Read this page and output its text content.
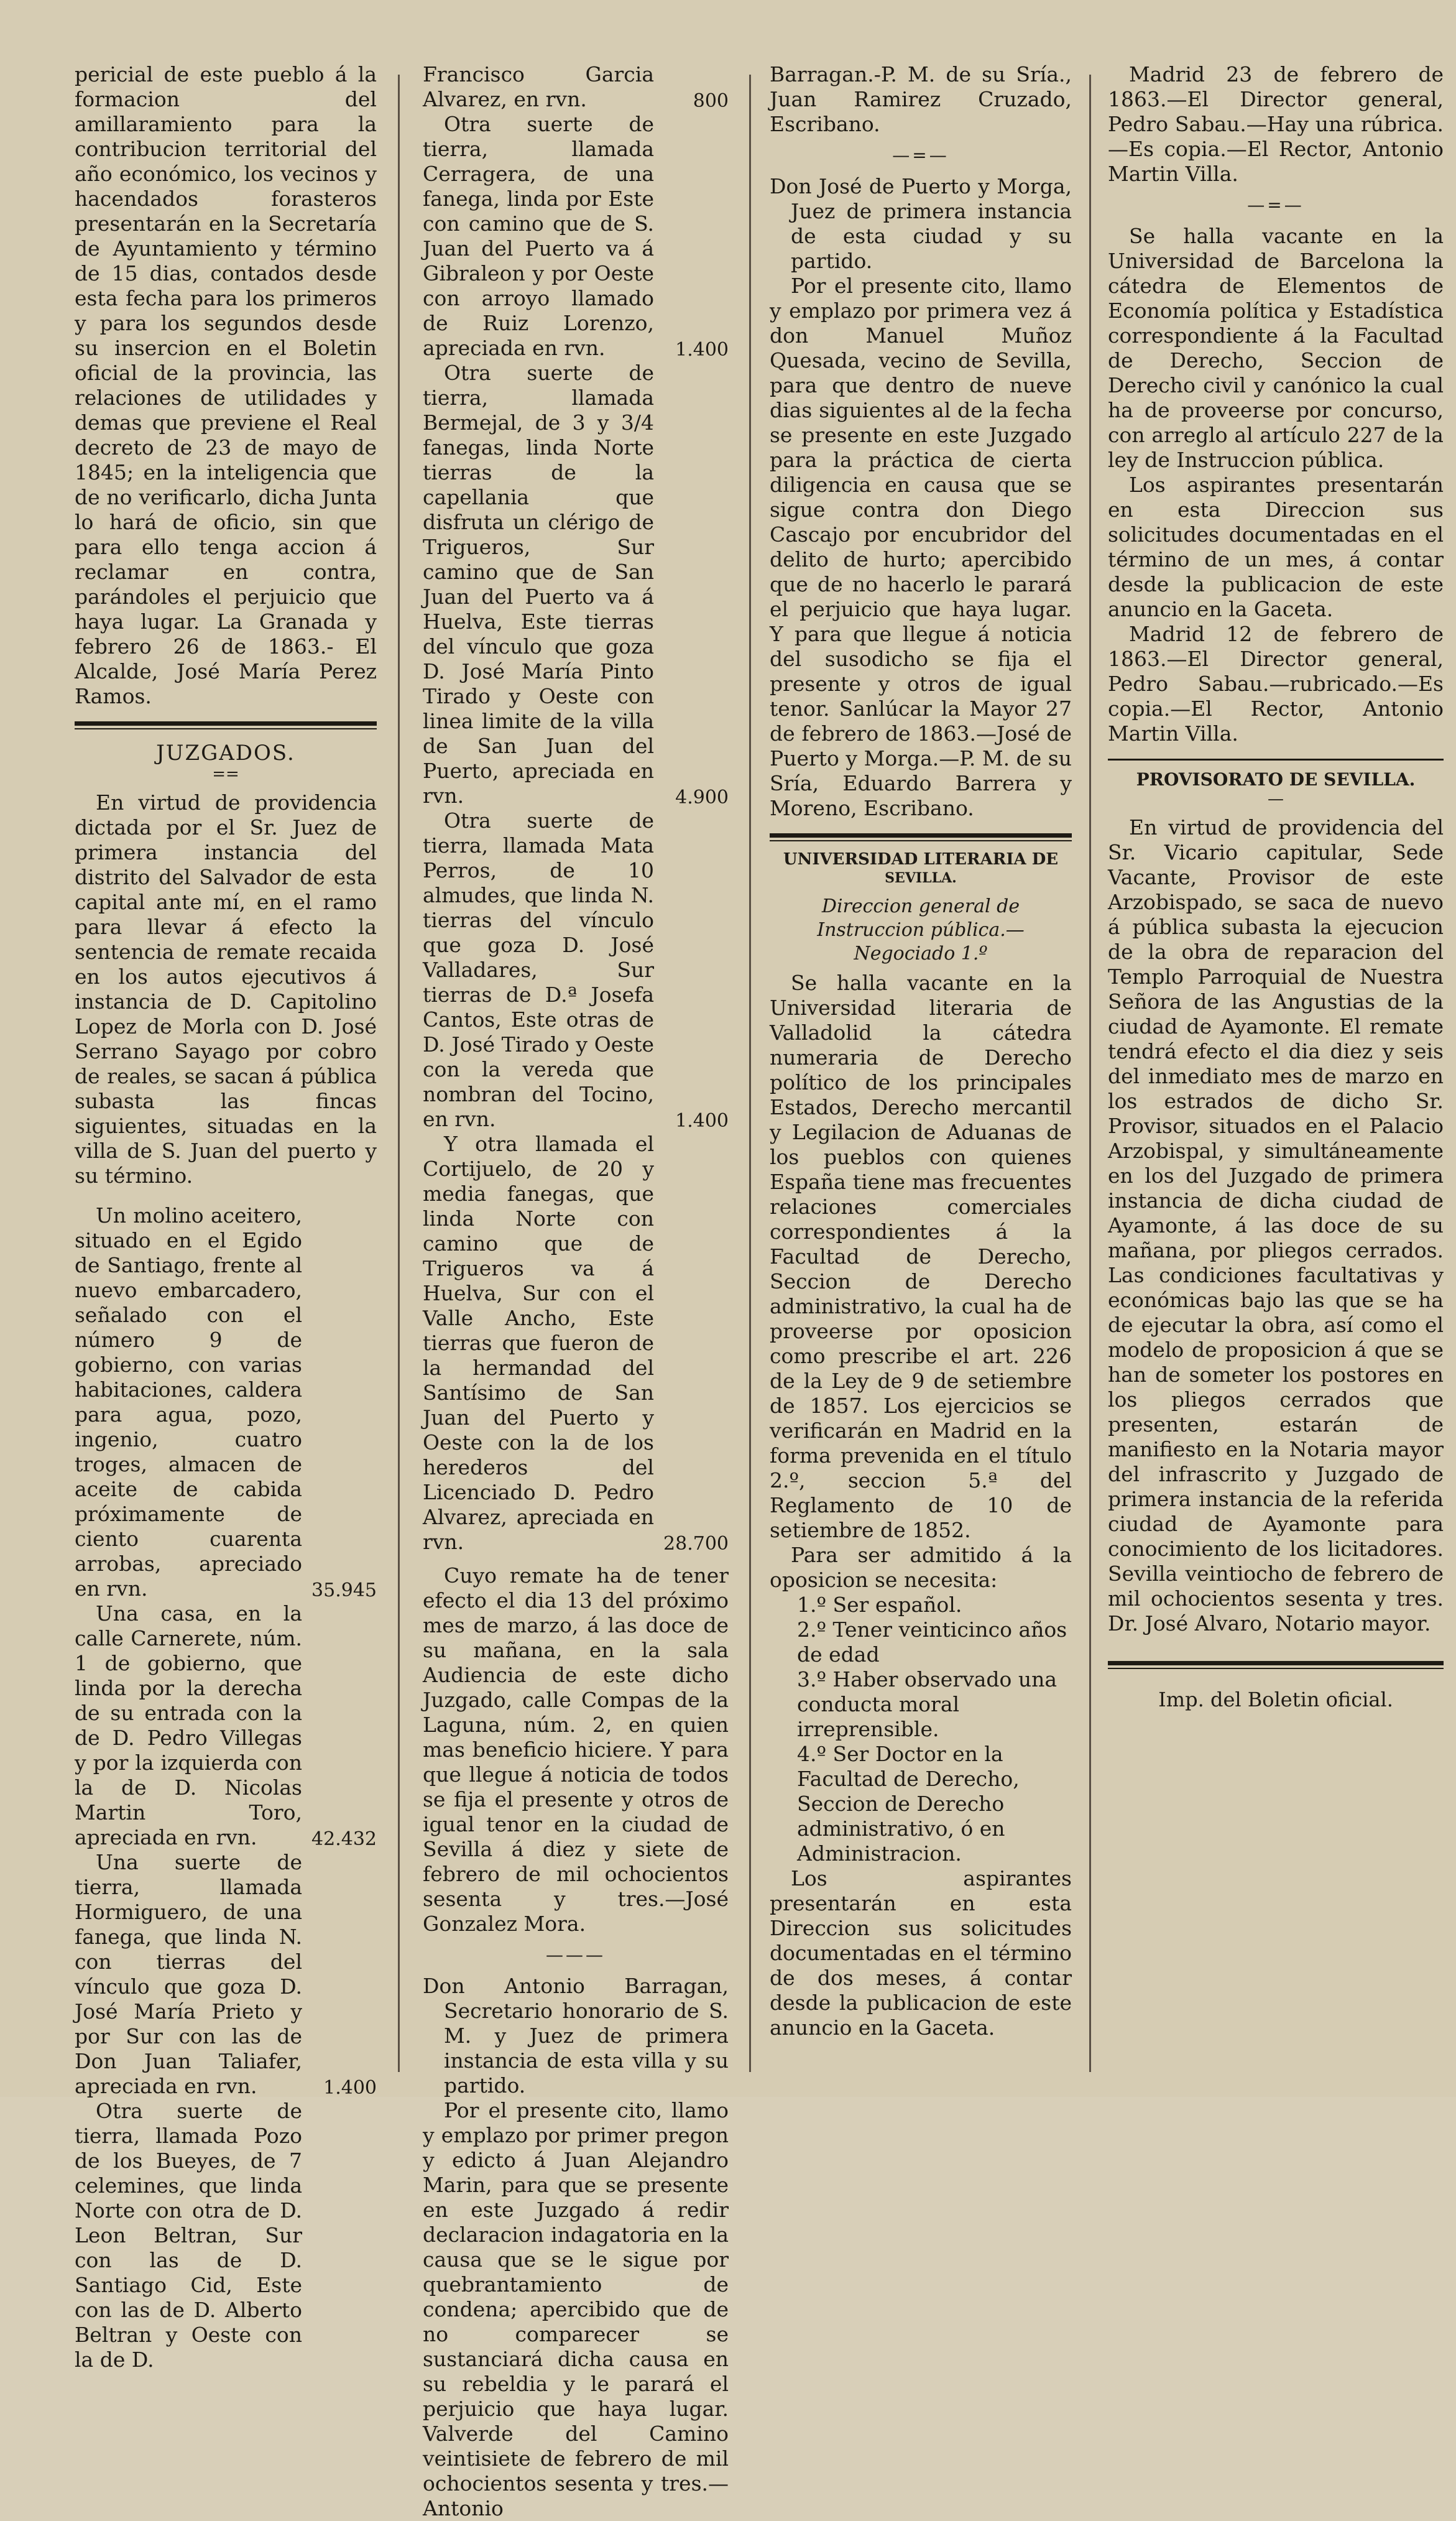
pericial de este pueblo á la formacion del amillaramiento para la contribucion territorial del año económico, los vecinos y hacendados forasteros presentarán en la Secretaría de Ayuntamiento y término de 15 dias, contados desde esta fecha para los primeros y para los segundos desde su insercion en el Boletin oficial de la provincia, las relaciones de utilidades y demas que previene el Real decreto de 23 de mayo de 1845; en la inteligencia que de no verificarlo, dicha Junta lo hará de oficio, sin que para ello tenga accion á reclamar en contra, parándoles el perjuicio que haya lugar. La Granada y febrero 26 de 1863.- El Alcalde, José María Perez Ramos.

JUZGADOS.
==

En virtud de providencia dictada por el Sr. Juez de primera instancia del distrito del Salvador de esta capital ante mí, en el ramo para llevar á efecto la sentencia de remate recaida en los autos ejecutivos á instancia de D. Capitolino Lopez de Morla con D. José Serrano Sayago por cobro de reales, se sacan á pública subasta las fincas siguientes, situadas en la villa de S. Juan del puerto y su término.

Un molino aceitero, situado en el Egido de Santiago, frente al nuevo embarcadero, señalado con el número 9 de gobierno, con varias habitaciones, caldera para agua, pozo, ingenio, cuatro troges, almacen de aceite de cabida próximamente de ciento cuarenta arrobas, apreciado en rvn.	35.945

Una casa, en la calle Carnerete, núm. 1 de gobierno, que linda por la derecha de su entrada con la de D. Pedro Villegas y por la izquierda con la de D. Nicolas Martin Toro, apreciada en rvn.	42.432

Una suerte de tierra, llamada Hormiguero, de una fanega, que linda N. con tierras del vínculo que goza D. José María Prieto y por Sur con las de Don Juan Taliafer, apreciada en rvn.	1.400

Otra suerte de tierra, llamada Pozo de los Bueyes, de 7 celemines, que linda Norte con otra de D. Leon Beltran, Sur con las de D. Santiago Cid, Este con las de D. Alberto Beltran y Oeste con la de D.

Francisco Garcia Alvarez, en rvn.	800

Otra suerte de tierra, llamada Cerragera, de una fanega, linda por Este con camino que de S. Juan del Puerto va á Gibraleon y por Oeste con arroyo llamado de Ruiz Lorenzo, apreciada en rvn.	1.400

Otra suerte de tierra, llamada Bermejal, de 3 y 3/4 fanegas, linda Norte tierras de la capellania que disfruta un clérigo de Trigueros, Sur camino que de San Juan del Puerto va á Huelva, Este tierras del vínculo que goza D. José María Pinto Tirado y Oeste con linea limite de la villa de San Juan del Puerto, apreciada en rvn.	4.900

Otra suerte de tierra, llamada Mata Perros, de 10 almudes, que linda N. tierras del vínculo que goza D. José Valladares, Sur tierras de D.ª Josefa Cantos, Este otras de D. José Tirado y Oeste con la vereda que nombran del Tocino, en rvn.	1.400

Y otra llamada el Cortijuelo, de 20 y media fanegas, que linda Norte con camino que de Trigueros va á Huelva, Sur con el Valle Ancho, Este tierras que fueron de la hermandad del Santísimo de San Juan del Puerto y Oeste con la de los herederos del Licenciado D. Pedro Alvarez, apreciada en rvn.	28.700

Cuyo remate ha de tener efecto el dia 13 del próximo mes de marzo, á las doce de su mañana, en la sala Audiencia de este dicho Juzgado, calle Compas de la Laguna, núm. 2, en quien mas beneficio hiciere. Y para que llegue á noticia de todos se fija el presente y otros de igual tenor en la ciudad de Sevilla á diez y siete de febrero de mil ochocientos sesenta y tres.—José Gonzalez Mora.

———

Don Antonio Barragan, Secretario honorario de S. M. y Juez de primera instancia de esta villa y su partido.

Por el presente cito, llamo y emplazo por primer pregon y edicto á Juan Alejandro Marin, para que se presente en este Juzgado á redir declaracion indagatoria en la causa que se le sigue por quebrantamiento de condena; apercibido que de no comparecer se sustanciará dicha causa en su rebeldia y le parará el perjuicio que haya lugar. Valverde del Camino veintisiete de febrero de mil ochocientos sesenta y tres.—Antonio

Barragan.-P. M. de su Sría., Juan Ramirez Cruzado, Escribano.

—=—

Don José de Puerto y Morga, Juez de primera instancia de esta ciudad y su partido.

Por el presente cito, llamo y emplazo por primera vez á don Manuel Muñoz Quesada, vecino de Sevilla, para que dentro de nueve dias siguientes al de la fecha se presente en este Juzgado para la práctica de cierta diligencia en causa que se sigue contra don Diego Cascajo por encubridor del delito de hurto; apercibido que de no hacerlo le parará el perjuicio que haya lugar. Y para que llegue á noticia del susodicho se fija el presente y otros de igual tenor. Sanlúcar la Mayor 27 de febrero de 1863.—José de Puerto y Morga.—P. M. de su Sría, Eduardo Barrera y Moreno, Escribano.

UNIVERSIDAD LITERARIA DE
SEVILLA.
Direccion general de Instruccion pública.—Negociado 1.º

Se halla vacante en la Universidad literaria de Valladolid la cátedra numeraria de Derecho político de los principales Estados, Derecho mercantil y Legilacion de Aduanas de los pueblos con quienes España tiene mas frecuentes relaciones comerciales correspondientes á la Facultad de Derecho, Seccion de Derecho administrativo, la cual ha de proveerse por oposicion como prescribe el art. 226 de la Ley de 9 de setiembre de 1857. Los ejercicios se verificarán en Madrid en la forma prevenida en el título 2.º, seccion 5.ª del Reglamento de 10 de setiembre de 1852.

Para ser admitido á la oposicion se necesita:

1.º Ser español.
2.º Tener veinticinco años de edad
3.º Haber observado una conducta moral irreprensible.
4.º Ser Doctor en la Facultad de Derecho, Seccion de Derecho administrativo, ó en Administracion.

Los aspirantes presentarán en esta Direccion sus solicitudes documentadas en el término de dos meses, á contar desde la publicacion de este anuncio en la Gaceta.

Madrid 23 de febrero de 1863.—El Director general, Pedro Sabau.—Hay una rúbrica.—Es copia.—El Rector, Antonio Martin Villa.

—=—

Se halla vacante en la Universidad de Barcelona la cátedra de Elementos de Economía política y Estadística correspondiente á la Facultad de Derecho, Seccion de Derecho civil y canónico la cual ha de proveerse por concurso, con arreglo al artículo 227 de la ley de Instruccion pública.

Los aspirantes presentarán en esta Direccion sus solicitudes documentadas en el término de un mes, á contar desde la publicacion de este anuncio en la Gaceta.

Madrid 12 de febrero de 1863.—El Director general, Pedro Sabau.—rubricado.—Es copia.—El Rector, Antonio Martin Villa.

PROVISORATO DE SEVILLA.
—

En virtud de providencia del Sr. Vicario capitular, Sede Vacante, Provisor de este Arzobispado, se saca de nuevo á pública subasta la ejecucion de la obra de reparacion del Templo Parroquial de Nuestra Señora de las Angustias de la ciudad de Ayamonte. El remate tendrá efecto el dia diez y seis del inmediato mes de marzo en los estrados de dicho Sr. Provisor, situados en el Palacio Arzobispal, y simultáneamente en los del Juzgado de primera instancia de dicha ciudad de Ayamonte, á las doce de su mañana, por pliegos cerrados. Las condiciones facultativas y económicas bajo las que se ha de ejecutar la obra, así como el modelo de proposicion á que se han de someter los postores en los pliegos cerrados que presenten, estarán de manifiesto en la Notaria mayor del infrascrito y Juzgado de primera instancia de la referida ciudad de Ayamonte para conocimiento de los licitadores. Sevilla veintiocho de febrero de mil ochocientos sesenta y tres. Dr. José Alvaro, Notario mayor.

Imp. del Boletin oficial.
